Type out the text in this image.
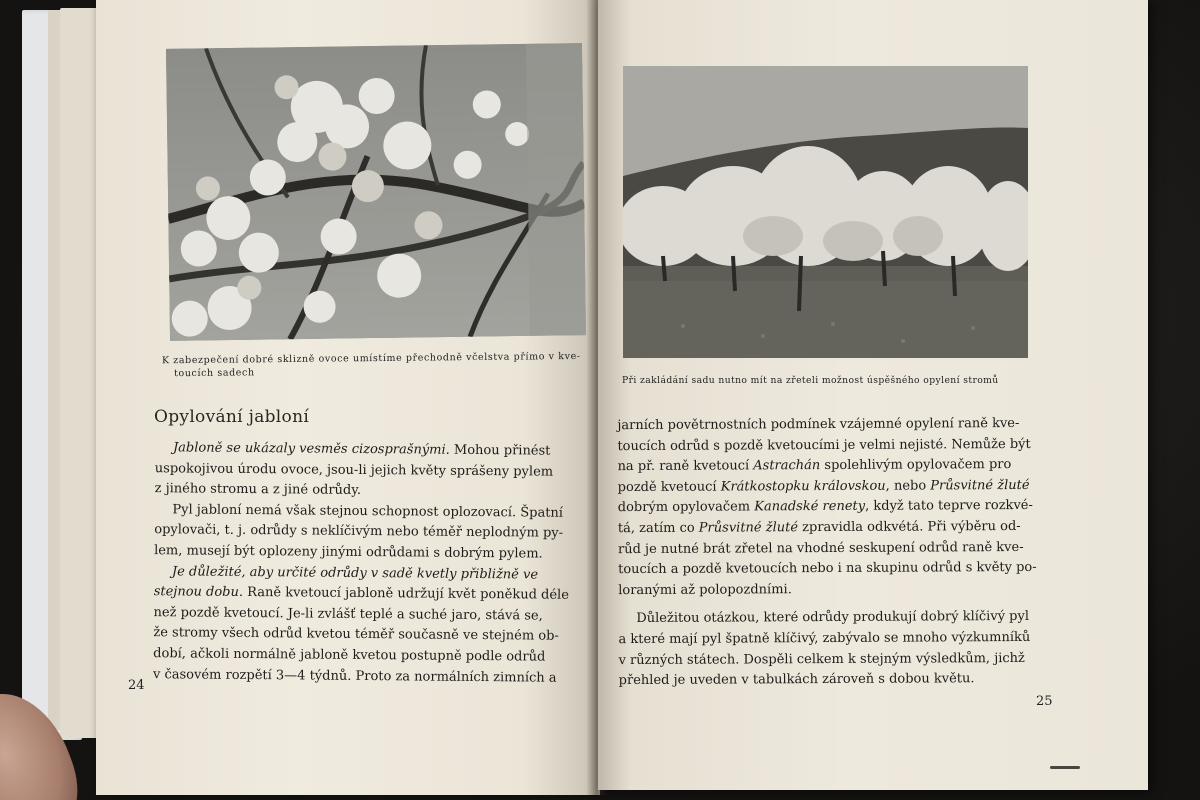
K zabezpečení dobré sklizně ovoce umístíme přechodně včelstva přímo v kve-
toucích sadech
Opylování jabloní
Jabloně se ukázaly vesměs cizosprašnými. Mohou přinést
uspokojivou úrodu ovoce, jsou-li jejich květy sprášeny pylem
z jiného stromu a z jiné odrůdy.
Pyl jabloní nemá však stejnou schopnost oplozovací. Špatní
opylovači, t. j. odrůdy s neklíčivým nebo téměř neplodným py-
lem, musejí být oplozeny jinými odrůdami s dobrým pylem.
Je důležité, aby určité odrůdy v sadě kvetly přibližně ve
stejnou dobu. Raně kvetoucí jabloně udržují květ poněkud déle
než pozdě kvetoucí. Je-li zvlášť teplé a suché jaro, stává se,
že stromy všech odrůd kvetou téměř současně ve stejném ob-
dobí, ačkoli normálně jabloně kvetou postupně podle odrůd
v časovém rozpětí 3—4 týdnů. Proto za normálních zimních a
24
Při zakládání sadu nutno mít na zřeteli možnost úspěšného opylení stromů
jarních povětrnostních podmínek vzájemné opylení raně kve-
toucích odrůd s pozdě kvetoucími je velmi nejisté. Nemůže být
na př. raně kvetoucí Astrachán spolehlivým opylovačem pro
pozdě kvetoucí Krátkostopku královskou, nebo Průsvitné žluté
dobrým opylovačem Kanadské renety, když tato teprve rozkvé-
tá, zatím co Průsvitné žluté zpravidla odkvétá. Při výběru od-
růd je nutné brát zřetel na vhodné seskupení odrůd raně kve-
toucích a pozdě kvetoucích nebo i na skupinu odrůd s květy po-
loranými až polopozdními.
Důležitou otázkou, které odrůdy produkují dobrý klíčivý pyl
a které mají pyl špatně klíčivý, zabývalo se mnoho výzkumníků
v různých státech. Dospěli celkem k stejným výsledkům, jichž
přehled je uveden v tabulkách zároveň s dobou květu.
25
